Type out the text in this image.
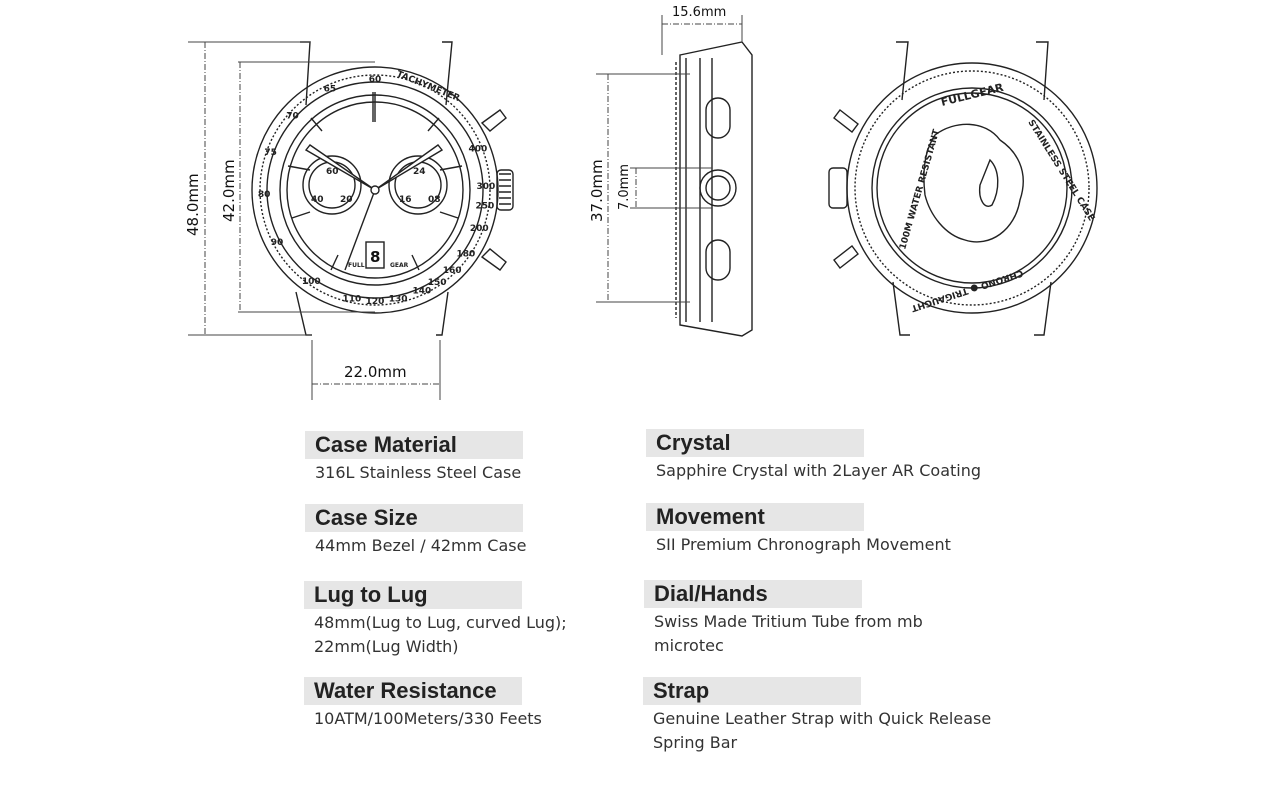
48.0mm 42.0mm
22.0mm
15.6mm
37.0mm 7.0mm
TACHYMETER
60
65
70
75
80
90
100
110 120 130
140
150
160
180
200
250
300
400
60
40 20
24
16 08
8
FULL	GEAR
FULLGEAR
STAINLESS STEEL CASE
100M WATER RESISTANT
CHRONO ● TRIGAUGHT
Case Material
316L Stainless Steel Case
Case Size
44mm Bezel / 42mm Case
Lug to Lug
48mm(Lug to Lug, curved Lug);
22mm(Lug Width)
Water Resistance
10ATM/100Meters/330 Feets
Crystal
Sapphire Crystal with 2Layer AR Coating
Movement
SII Premium Chronograph Movement
Dial/Hands
Swiss Made Tritium Tube from mb
microtec
Strap
Genuine Leather Strap with Quick Release
Spring Bar
